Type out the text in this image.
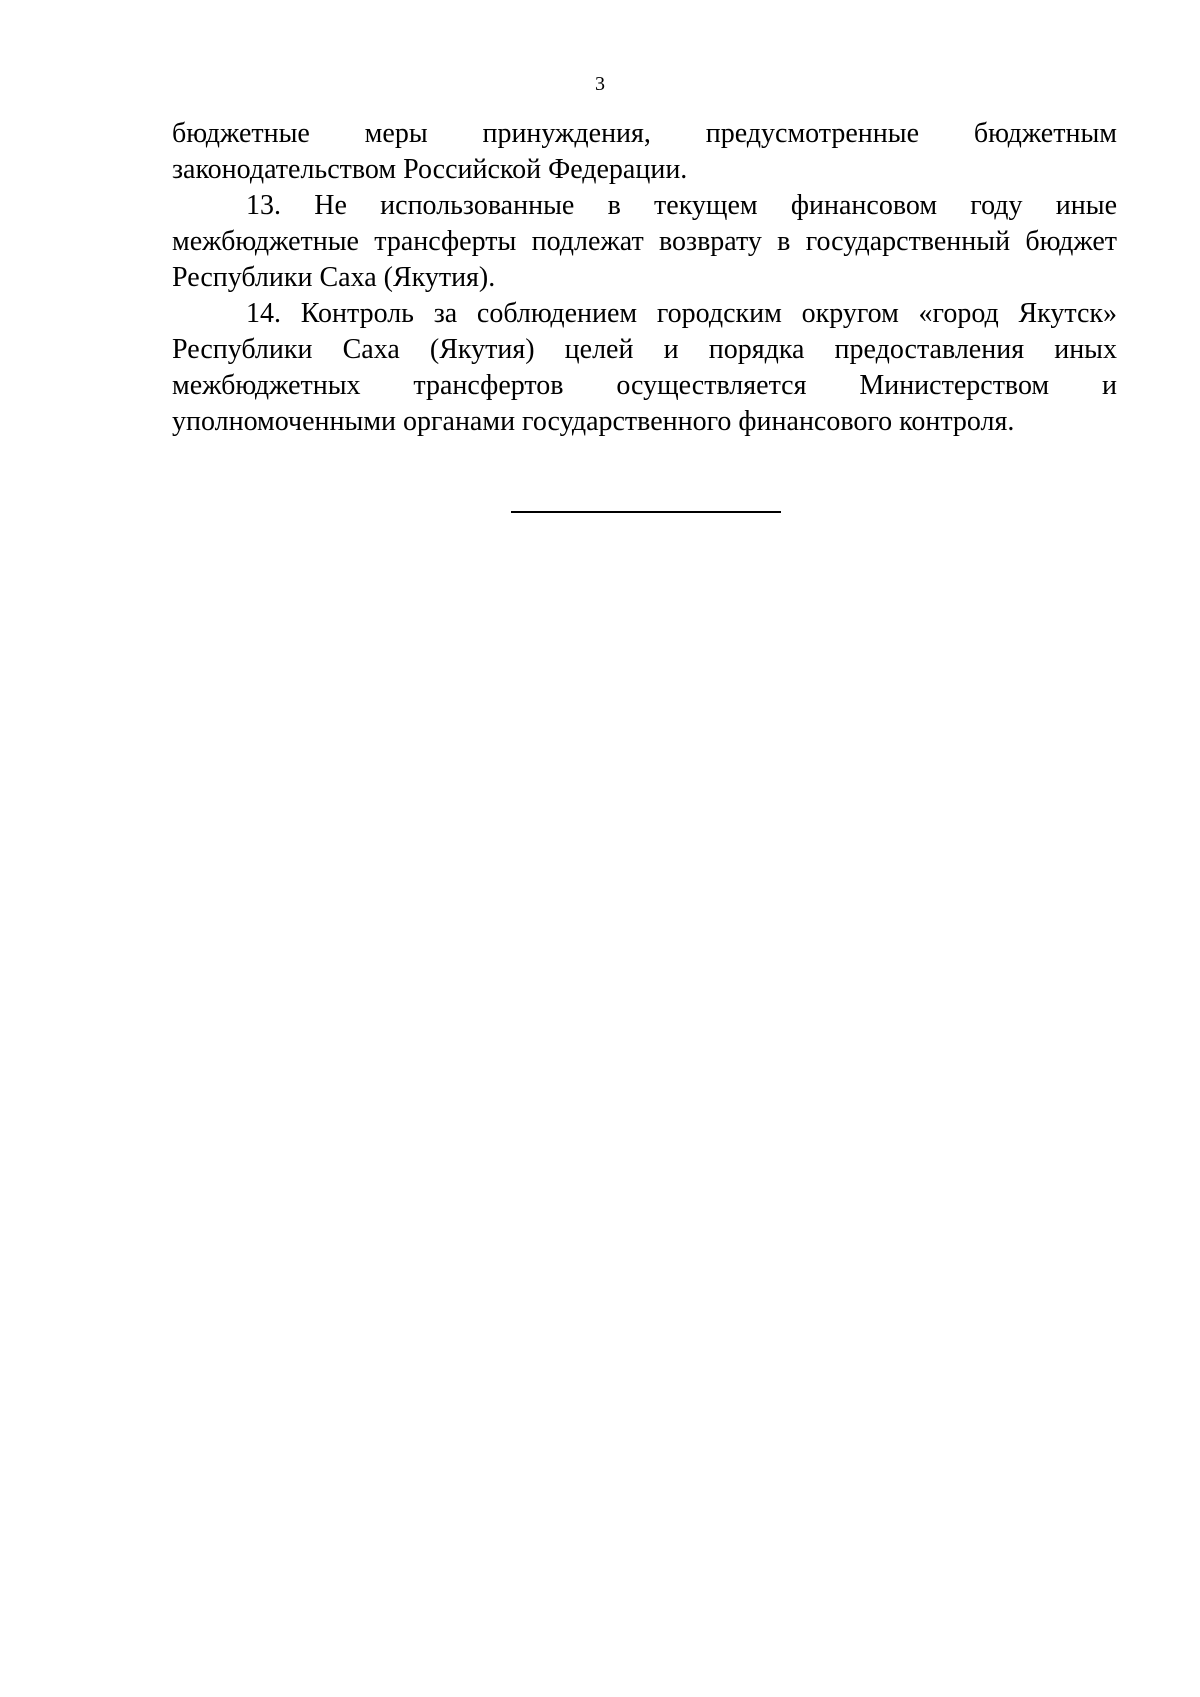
3

бюджетные меры принуждения, предусмотренные бюджетным законодательством Российской Федерации.

13. Не использованные в текущем финансовом году иные межбюджетные трансферты подлежат возврату в государственный бюджет Республики Саха (Якутия).

14. Контроль за соблюдением городским округом «город Якутск» Республики Саха (Якутия) целей и порядка предоставления иных межбюджетных трансфертов осуществляется Министерством и уполномоченными органами государственного финансового контроля.
